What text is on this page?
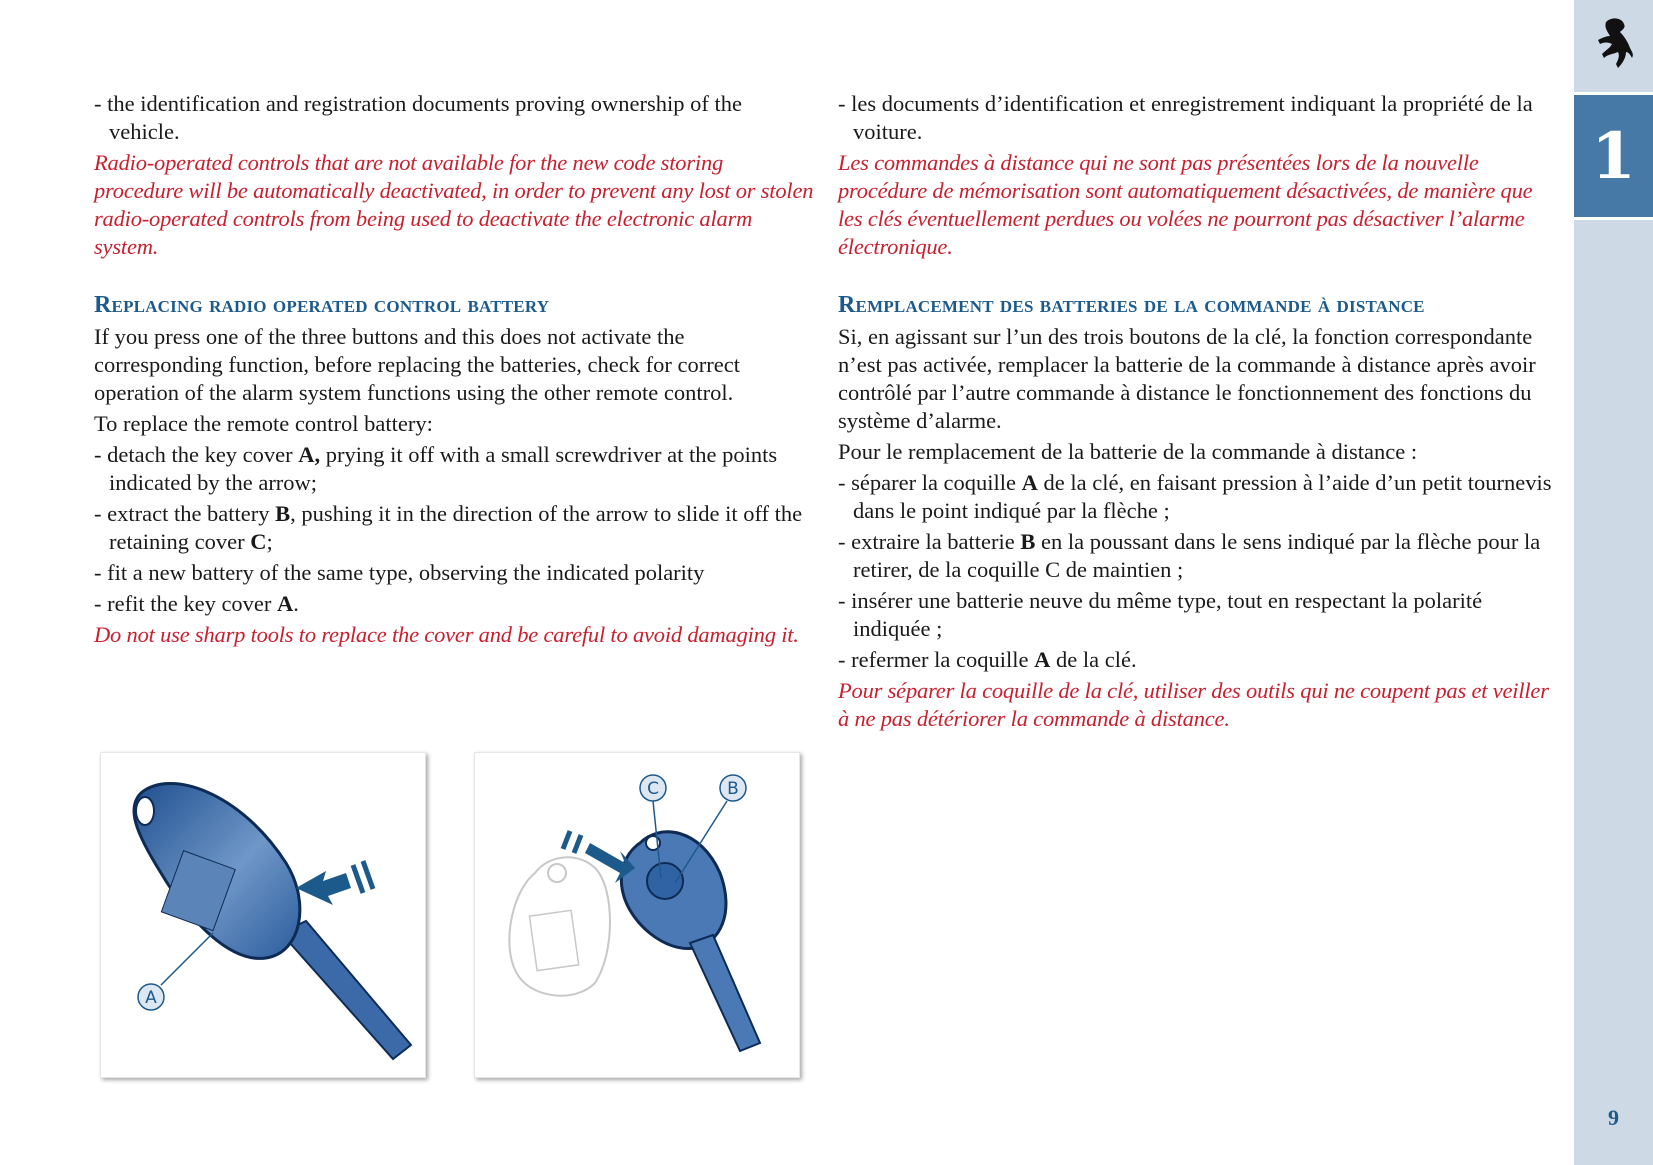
- the identification and registration documents proving ownership of the vehicle.

Radio-operated controls that are not available for the new code storing procedure will be automatically deactivated, in order to prevent any lost or stolen radio-operated controls from being used to deactivate the electronic alarm system.

Replacing radio operated control battery

If you press one of the three buttons and this does not activate the corresponding function, before replacing the batteries, check for correct operation of the alarm system functions using the other remote control.

To replace the remote control battery:

- detach the key cover A, prying it off with a small screwdriver at the points indicated by the arrow;

- extract the battery B, pushing it in the direction of the arrow to slide it off the retaining cover C;

- fit a new battery of the same type, observing the indicated polarity

- refit the key cover A.

Do not use sharp tools to replace the cover and be careful to avoid damaging it.

- les documents d’identification et enregistrement indiquant la propriété de la voiture.

Les commandes à distance qui ne sont pas présentées lors de la nouvelle procédure de mémorisation sont automatiquement désactivées, de manière que les clés éventuellement perdues ou volées ne pourront pas désactiver l’alarme électronique.

Remplacement des batteries de la commande à distance

Si, en agissant sur l’un des trois boutons de la clé, la fonction correspondante n’est pas activée, remplacer la batterie de la commande à distance après avoir contrôlé par l’autre commande à distance le fonctionnement des fonctions du système d’alarme.

Pour le remplacement de la batterie de la commande à distance :

- séparer la coquille A de la clé, en faisant pression à l’aide d’un petit tournevis dans le point indiqué par la flèche ;

- extraire la batterie B en la poussant dans le sens indiqué par la flèche pour la retirer, de la coquille C de maintien ;

- insérer une batterie neuve du même type, tout en respectant la polarité indiquée ;

- refermer la coquille A de la clé.

Pour séparer la coquille de la clé, utiliser des outils qui ne coupent pas et veiller à ne pas détériorer la commande à distance.

A
C	B
1
9
